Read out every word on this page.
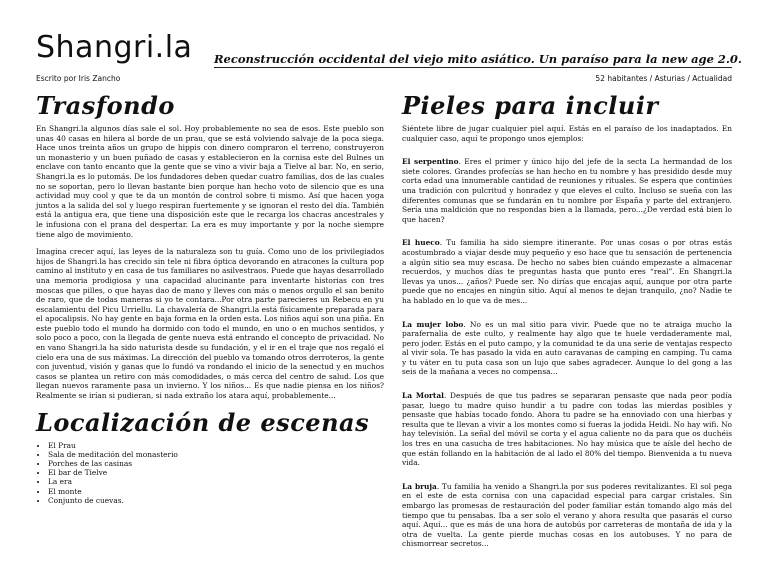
Shangri.la Reconstrucción occidental del viejo mito asiático. Un paraíso para la new age 2.0.
Escrito por Iris Zancho	52 habitantes / Asturias / Actualidad
Trasfondo

En Shangri.la algunos días sale el sol. Hoy probablemente no sea de esos. Este pueblo son unas 40 casas en hilera al borde de un prau, que se está volviendo salvaje de la poca siega. Hace unos treinta años un grupo de hippis con dinero compraron el terreno, construyeron un monasterio y un buen puñado de casas y establecieron en la cornisa este del Bulnes un enclave con tanto encanto que la gente que se vino a vivir baja a Tielve al bar. No, en serio, Shangri.la es lo putomás. De los fundadores deben quedar cuatro familias, dos de las cuales no se soportan, pero lo llevan bastante bien porque han hecho voto de silencio que es una actividad muy cool y que te da un montón de control sobre ti mismo. Así que hacen yoga juntos a la salida del sol y luego respiran fuertemente y se ignoran el resto del día. También está la antigua era, que tiene una disposición este que le recarga los chacras ancestrales y le infusiona con el prana del despertar. La era es muy importante y por la noche siempre tiene algo de movimiento.

Imagina crecer aquí, las leyes de la naturaleza son tu guía. Como uno de los privilegiados hijos de Shangri.la has crecido sin tele ni fibra óptica devorando en atracones la cultura pop camino al instituto y en casa de tus familiares no asilvestraos. Puede que hayas desarrollado una memoria prodigiosa y una capacidad alucinante para inventarte historias con tres moscas que pilles, o que hayas dao de mano y lleves con más o menos orgullo el san benito de raro, que de todas maneras si yo te contara...Por otra parte parecieres un Rebecu en yu escalamientu del Picu Urriellu. La chavalería de Shangri.la está físicamente preparada para el apocalipsis. No hay gente en baja forma en la orden esta. Los niños aquí son una piña. En este pueblo todo el mundo ha dormido con todo el mundo, en uno o en muchos sentidos, y solo poco a poco, con la llegada de gente nueva está entrando el concepto de privacidad. No en vano Shangri.la ha sido naturista desde su fundación, y el ir en el traje que nos regaló el cielo era una de sus máximas. La dirección del pueblo va tomando otros derroteros, la gente con juventud, visión y ganas que lo fundó va rondando el inicio de la senectud y en muchos casos se plantea un retiro con más comodidades, o más cerca del centro de salud. Los que llegan nuevos raramente pasa un invierno. Y los niños... Es que nadie piensa en los niños? Realmente se irían si pudieran, si nada extraño los atara aquí, probablemente...

Localización de escenas
• El Prau
• Sala de meditación del monasterio
• Porches de las casinas
• El bar de Tielve
• La era
• El monte
• Conjunto de cuevas.
Pieles para incluir

Siéntete libre de jugar cualquier piel aquí. Estás en el paraíso de los inadaptados. En cualquier caso, aquí te propongo unos ejemplos:

El serpentino. Eres el primer y único hijo del jefe de la secta La hermandad de los siete colores. Grandes profecías se han hecho en tu nombre y has presidido desde muy corta edad una innumerable cantidad de reuniones y rituales. Se espera que continúes una tradición con pulcritud y honradez y que eleves el culto. Incluso se sueña con las diferentes comunas que se fundarán en tu nombre por España y parte del extranjero. Sería una maldición que no respondas bien a la llamada, pero...¿De verdad está bien lo que hacen?

El hueco. Tu familia ha sido siempre itinerante. Por unas cosas o por otras estás acostumbrado a viajar desde muy pequeño y eso hace que tu sensación de pertenencia a algún sitio sea muy escasa. De hecho no sabes bien cuándo empezaste a almacenar recuerdos, y muchos días te preguntas hasta que punto eres “real”. En Shangri.la llevas ya unos... ¿años? Puede ser. No dirías que encajas aquí, aunque por otra parte puede que no encajes en ningún sitio. Aquí al menos te dejan tranquilo, ¿no? Nadie te ha hablado en lo que va de mes...

La mujer lobo. No es un mal sitio para vivir. Puede que no te atraiga mucho la parafernalia de este culto, y realmente hay algo que te huele verdaderamente mal, pero joder. Estás en el puto campo, y la comunidad te da una serie de ventajas respecto al vivir sola. Te has pasado la vida en auto caravanas de camping en camping. Tu cama y tu váter en tu puta casa son un lujo que sabes agradecer. Aunque lo del gong a las seis de la mañana a veces no compensa...

La Mortal. Después de que tus padres se separaran pensaste que nada peor podía pasar, luego tu madre quiso hundir a tu padre con todas las mierdas posibles y pensaste que habías tocado fondo. Ahora tu padre se ha ennoviado con una hierbas y resulta que te llevan a vivir a los montes como si fueras la jodida Heidi. No hay wifi. No hay televisión. La señal del móvil se corta y el agua caliente no da para que os duchéis los tres en una casucha de tres habitaciones. No hay música que te aísle del hecho de que están follando en la habitación de al lado el 80% del tiempo. Bienvenida a tu nueva vida.

La bruja. Tu familia ha venido a Shangri.la por sus poderes revitalizantes. El sol pega en el este de esta cornisa con una capacidad especial para cargar cristales. Sin embargo las promesas de restauración del poder familiar están tomando algo más del tiempo que tu pensabas. Iba a ser solo el verano y ahora resulta que pasarás el curso aquí. Aquí... que es más de una hora de autobús por carreteras de montaña de ida y la otra de vuelta. La gente pierde muchas cosas en los autobuses. Y no para de chismorrear secretos...
